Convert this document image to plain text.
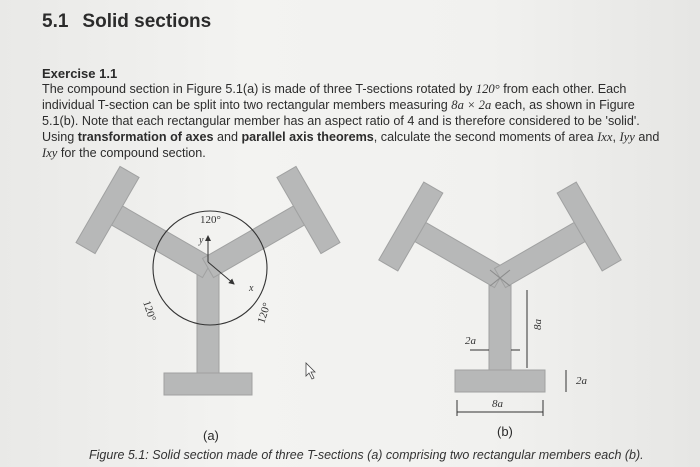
5.1 Solid sections
Exercise 1.1
The compound section in Figure 5.1(a) is made of three T-sections rotated by 120° from each other. Each individual T-section can be split into two rectangular members measuring 8a × 2a each, as shown in Figure 5.1(b). Note that each rectangular member has an aspect ratio of 4 and is therefore considered to be 'solid'. Using transformation of axes and parallel axis theorems, calculate the second moments of area Ixx, Iyy and Ixy for the compound section.
120°
y
x
120°	120°
2a
8a
2a
8a
(a)	(b)
Figure 5.1: Solid section made of three T-sections (a) comprising two rectangular members each (b).
